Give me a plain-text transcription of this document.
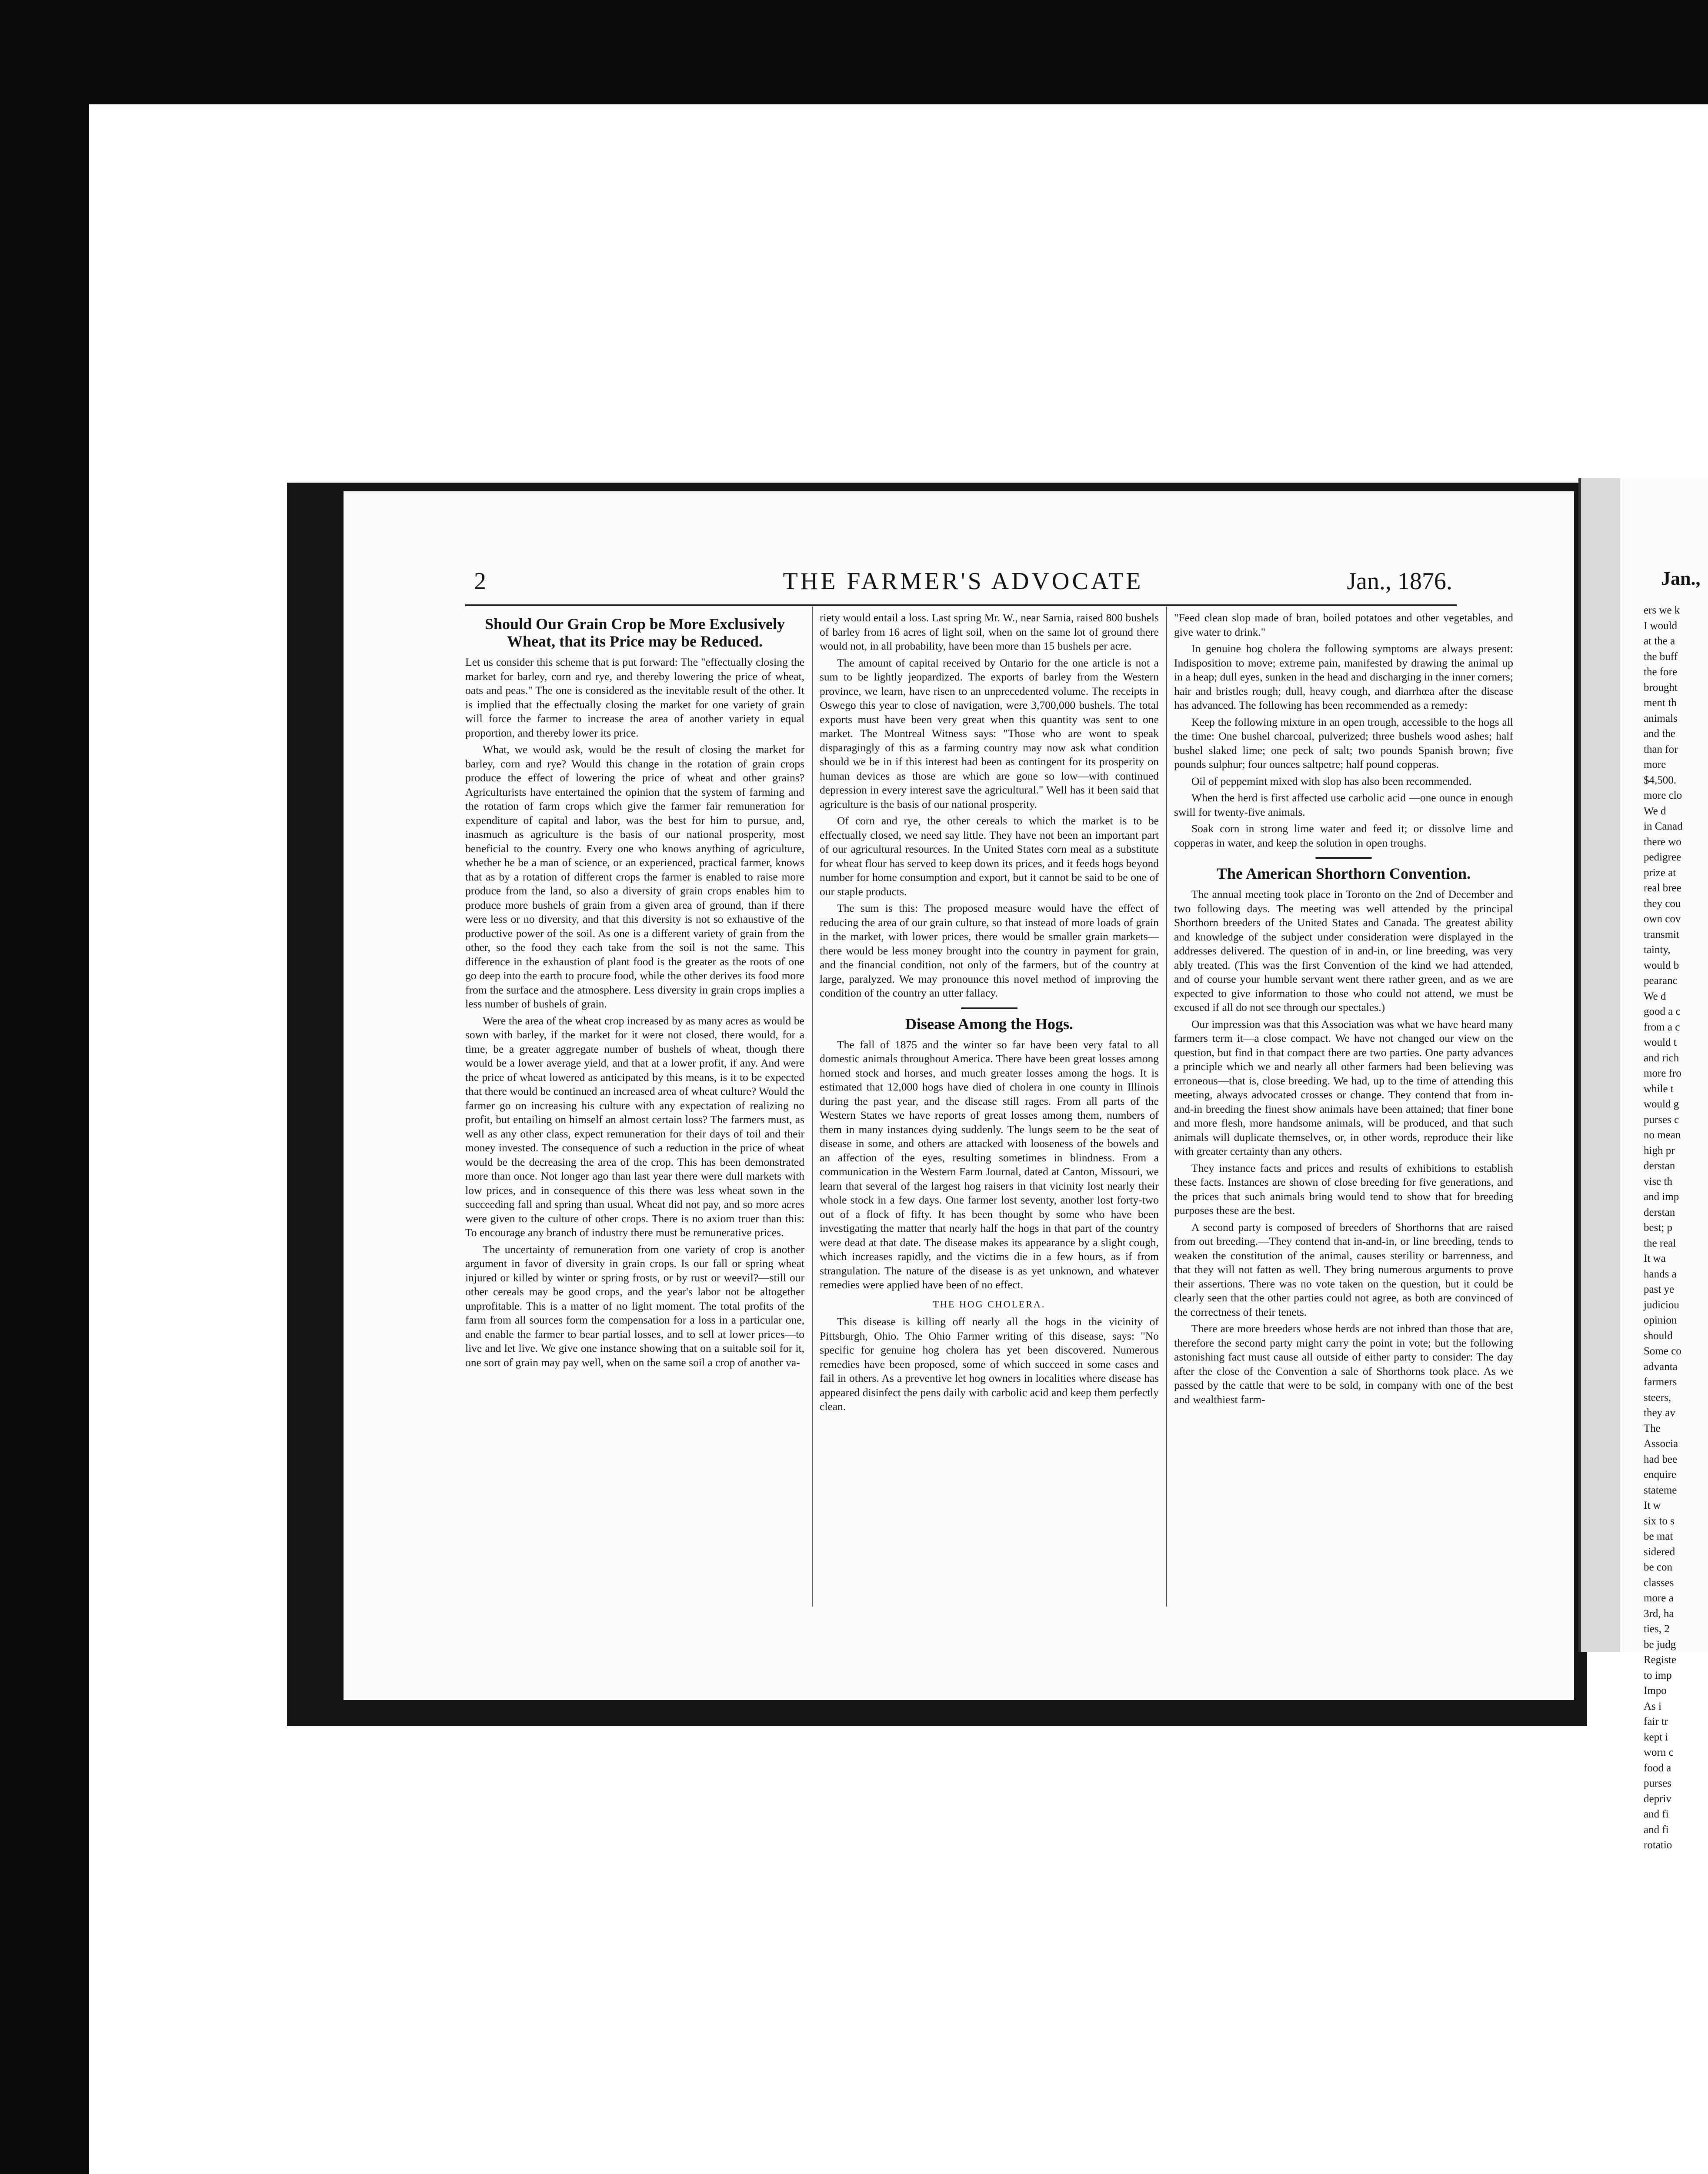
Jan.,
ers we k
I would
at the a
the buff
the fore
brought
ment th
animals
and the
than for
more
$4,500.
more clo
We d
in Canad
there wo
pedigree
prize at
real bree
they cou
own cov
transmit
tainty,
would b
pearanc
We d
good a c
from a c
would t
and rich
more fro
while t
would g
purses c
no mean
high pr
derstan
vise th
and imp
derstan
best; p
the real
It wa
hands a
past ye
judiciou
opinion
should
Some co
advanta
farmers
steers,
they av
The
Associa
had bee
enquire
stateme
It w
six to s
be mat
sidered
be con
classes
more a
3rd, ha
ties, 2
be judg
Registe
to imp
Impo
As i
fair tr
kept i
worn c
food a
purses
depriv
and fi
and fi
rotatio
2	THE FARMER'S ADVOCATE	Jan., 1876.
Should Our Grain Crop be More Exclusively Wheat, that its Price may be Reduced.

Let us consider this scheme that is put forward: The "effectually closing the market for barley, corn and rye, and thereby lowering the price of wheat, oats and peas." The one is considered as the inevitable result of the other. It is implied that the effectually closing the market for one variety of grain will force the farmer to increase the area of another variety in equal proportion, and thereby lower its price.

What, we would ask, would be the result of closing the market for barley, corn and rye? Would this change in the rotation of grain crops produce the effect of lowering the price of wheat and other grains? Agriculturists have entertained the opinion that the system of farming and the rotation of farm crops which give the farmer fair remuneration for expenditure of capital and labor, was the best for him to pursue, and, inasmuch as agriculture is the basis of our national prosperity, most beneficial to the country. Every one who knows anything of agriculture, whether he be a man of science, or an experienced, practical farmer, knows that as by a rotation of different crops the farmer is enabled to raise more produce from the land, so also a diversity of grain crops enables him to produce more bushels of grain from a given area of ground, than if there were less or no diversity, and that this diversity is not so exhaustive of the productive power of the soil. As one is a different variety of grain from the other, so the food they each take from the soil is not the same. This difference in the exhaustion of plant food is the greater as the roots of one go deep into the earth to procure food, while the other derives its food more from the surface and the atmosphere. Less diversity in grain crops implies a less number of bushels of grain.

Were the area of the wheat crop increased by as many acres as would be sown with barley, if the market for it were not closed, there would, for a time, be a greater aggregate number of bushels of wheat, though there would be a lower average yield, and that at a lower profit, if any. And were the price of wheat lowered as anticipated by this means, is it to be expected that there would be continued an increased area of wheat culture? Would the farmer go on increasing his culture with any expectation of realizing no profit, but entailing on himself an almost certain loss? The farmers must, as well as any other class, expect remuneration for their days of toil and their money invested. The consequence of such a reduction in the price of wheat would be the decreasing the area of the crop. This has been demonstrated more than once. Not longer ago than last year there were dull markets with low prices, and in consequence of this there was less wheat sown in the succeeding fall and spring than usual. Wheat did not pay, and so more acres were given to the culture of other crops. There is no axiom truer than this: To encourage any branch of industry there must be remunerative prices.

The uncertainty of remuneration from one variety of crop is another argument in favor of diversity in grain crops. Is our fall or spring wheat injured or killed by winter or spring frosts, or by rust or weevil?—still our other cereals may be good crops, and the year's labor not be altogether unprofitable. This is a matter of no light moment. The total profits of the farm from all sources form the compensation for a loss in a particular one, and enable the farmer to bear partial losses, and to sell at lower prices—to live and let live. We give one instance showing that on a suitable soil for it, one sort of grain may pay well, when on the same soil a crop of another va-

riety would entail a loss. Last spring Mr. W., near Sarnia, raised 800 bushels of barley from 16 acres of light soil, when on the same lot of ground there would not, in all probability, have been more than 15 bushels per acre.

The amount of capital received by Ontario for the one article is not a sum to be lightly jeopardized. The exports of barley from the Western province, we learn, have risen to an unprecedented volume. The receipts in Oswego this year to close of navigation, were 3,700,000 bushels. The total exports must have been very great when this quantity was sent to one market. The Montreal Witness says: "Those who are wont to speak disparagingly of this as a farming country may now ask what condition should we be in if this interest had been as contingent for its prosperity on human devices as those are which are gone so low—with continued depression in every interest save the agricultural." Well has it been said that agriculture is the basis of our national prosperity.

Of corn and rye, the other cereals to which the market is to be effectually closed, we need say little. They have not been an important part of our agricultural resources. In the United States corn meal as a substitute for wheat flour has served to keep down its prices, and it feeds hogs beyond number for home consumption and export, but it cannot be said to be one of our staple products.

The sum is this: The proposed measure would have the effect of reducing the area of our grain culture, so that instead of more loads of grain in the market, with lower prices, there would be smaller grain markets—there would be less money brought into the country in payment for grain, and the financial condition, not only of the farmers, but of the country at large, paralyzed. We may pronounce this novel method of improving the condition of the country an utter fallacy.

Disease Among the Hogs.

The fall of 1875 and the winter so far have been very fatal to all domestic animals throughout America. There have been great losses among horned stock and horses, and much greater losses among the hogs. It is estimated that 12,000 hogs have died of cholera in one county in Illinois during the past year, and the disease still rages. From all parts of the Western States we have reports of great losses among them, numbers of them in many instances dying suddenly. The lungs seem to be the seat of disease in some, and others are attacked with looseness of the bowels and an affection of the eyes, resulting sometimes in blindness. From a communication in the Western Farm Journal, dated at Canton, Missouri, we learn that several of the largest hog raisers in that vicinity lost nearly their whole stock in a few days. One farmer lost seventy, another lost forty-two out of a flock of fifty. It has been thought by some who have been investigating the matter that nearly half the hogs in that part of the country were dead at that date. The disease makes its appearance by a slight cough, which increases rapidly, and the victims die in a few hours, as if from strangulation. The nature of the disease is as yet unknown, and whatever remedies were applied have been of no effect.

THE HOG CHOLERA.

This disease is killing off nearly all the hogs in the vicinity of Pittsburgh, Ohio. The Ohio Farmer writing of this disease, says: "No specific for genuine hog cholera has yet been discovered. Numerous remedies have been proposed, some of which succeed in some cases and fail in others. As a preventive let hog owners in localities where disease has appeared disinfect the pens daily with carbolic acid and keep them perfectly clean.

"Feed clean slop made of bran, boiled potatoes and other vegetables, and give water to drink."

In genuine hog cholera the following symptoms are always present: Indisposition to move; extreme pain, manifested by drawing the animal up in a heap; dull eyes, sunken in the head and discharging in the inner corners; hair and bristles rough; dull, heavy cough, and diarrhœa after the disease has advanced. The following has been recommended as a remedy:

Keep the following mixture in an open trough, accessible to the hogs all the time: One bushel charcoal, pulverized; three bushels wood ashes; half bushel slaked lime; one peck of salt; two pounds Spanish brown; five pounds sulphur; four ounces saltpetre; half pound copperas.

Oil of peppemint mixed with slop has also been recommended.

When the herd is first affected use carbolic acid —one ounce in enough swill for twenty-five animals.

Soak corn in strong lime water and feed it; or dissolve lime and copperas in water, and keep the solution in open troughs.

The American Shorthorn Convention.

The annual meeting took place in Toronto on the 2nd of December and two following days. The meeting was well attended by the principal Shorthorn breeders of the United States and Canada. The greatest ability and knowledge of the subject under consideration were displayed in the addresses delivered. The question of in and-in, or line breeding, was very ably treated. (This was the first Convention of the kind we had attended, and of course your humble servant went there rather green, and as we are expected to give information to those who could not attend, we must be excused if all do not see through our spectales.)

Our impression was that this Association was what we have heard many farmers term it—a close compact. We have not changed our view on the question, but find in that compact there are two parties. One party advances a principle which we and nearly all other farmers had been believing was erroneous—that is, close breeding. We had, up to the time of attending this meeting, always advocated crosses or change. They contend that from in-and-in breeding the finest show animals have been attained; that finer bone and more flesh, more handsome animals, will be produced, and that such animals will duplicate themselves, or, in other words, reproduce their like with greater certainty than any others.

They instance facts and prices and results of exhibitions to establish these facts. Instances are shown of close breeding for five generations, and the prices that such animals bring would tend to show that for breeding purposes these are the best.

A second party is composed of breeders of Shorthorns that are raised from out breeding.—They contend that in-and-in, or line breeding, tends to weaken the constitution of the animal, causes sterility or barrenness, and that they will not fatten as well. They bring numerous arguments to prove their assertions. There was no vote taken on the question, but it could be clearly seen that the other parties could not agree, as both are convinced of the correctness of their tenets.

There are more breeders whose herds are not inbred than those that are, therefore the second party might carry the point in vote; but the following astonishing fact must cause all outside of either party to consider: The day after the close of the Convention a sale of Shorthorns took place. As we passed by the cattle that were to be sold, in company with one of the best and wealthiest farm-
